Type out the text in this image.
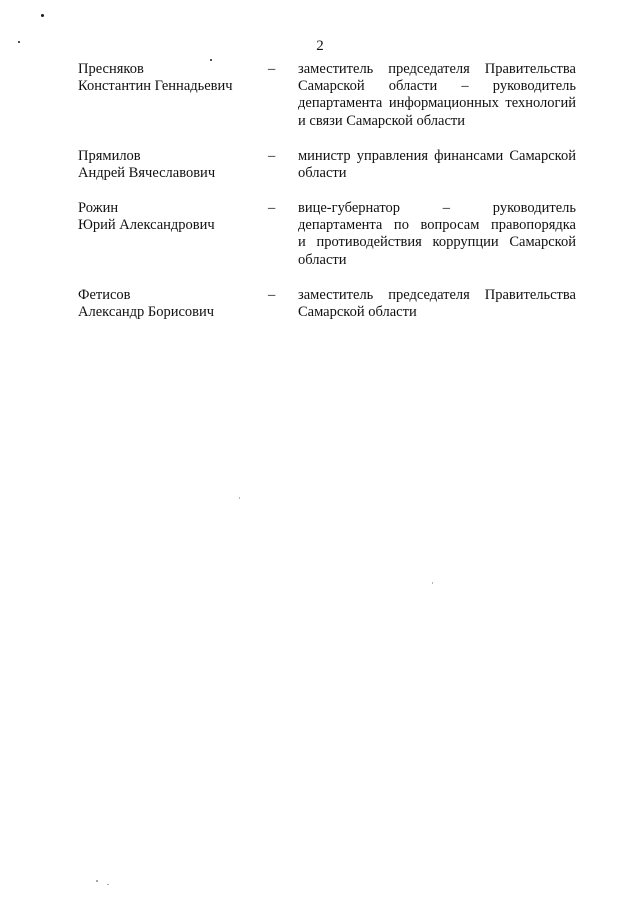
2
Пресняков
Константин Геннадьевич
– заместитель председателя Правительства
Самарской области – руководитель
департамента информационных технологий
и связи Самарской области
Прямилов
Андрей Вячеславович
– министр управления финансами Самарской
области
Рожин
Юрий Александрович
– вице-губернатор – руководитель
департамента по вопросам правопорядка
и противодействия коррупции Самарской
области
Фетисов
Александр Борисович
– заместитель председателя Правительства
Самарской области
